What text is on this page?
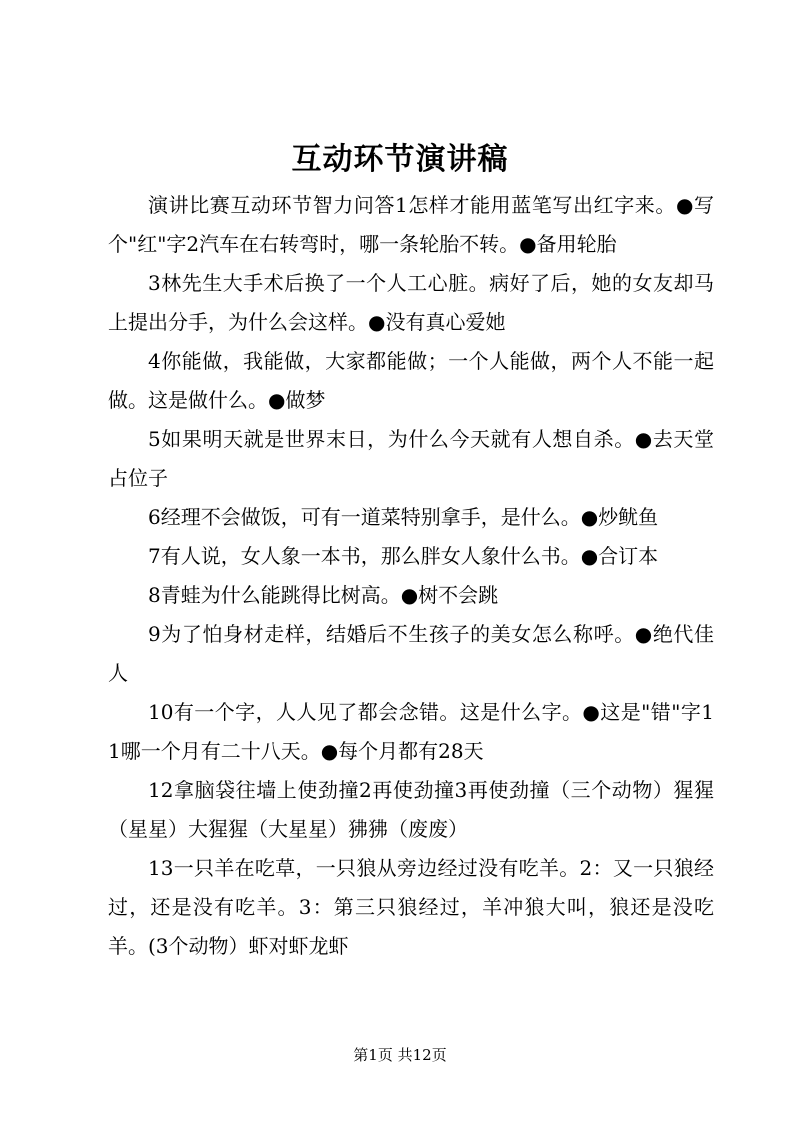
互动环节演讲稿

演讲比赛互动环节智力问答1怎样才能用蓝笔写出红字来。●写个"红"字2汽车在右转弯时，哪一条轮胎不转。●备用轮胎

3林先生大手术后换了一个人工心脏。病好了后，她的女友却马上提出分手，为什么会这样。●没有真心爱她

4你能做，我能做，大家都能做；一个人能做，两个人不能一起做。这是做什么。●做梦

5如果明天就是世界末日，为什么今天就有人想自杀。●去天堂占位子

6经理不会做饭，可有一道菜特别拿手，是什么。●炒鱿鱼

7有人说，女人象一本书，那么胖女人象什么书。●合订本

8青蛙为什么能跳得比树高。●树不会跳

9为了怕身材走样，结婚后不生孩子的美女怎么称呼。●绝代佳人

10有一个字，人人见了都会念错。这是什么字。●这是"错"字11哪一个月有二十八天。●每个月都有28天

12拿脑袋往墙上使劲撞2再使劲撞3再使劲撞（三个动物）猩猩（星星）大猩猩（大星星）狒狒（废废）

13一只羊在吃草，一只狼从旁边经过没有吃羊。2：又一只狼经过，还是没有吃羊。3：第三只狼经过，羊冲狼大叫，狼还是没吃羊。(3个动物）虾对虾龙虾

第1页 共12页
